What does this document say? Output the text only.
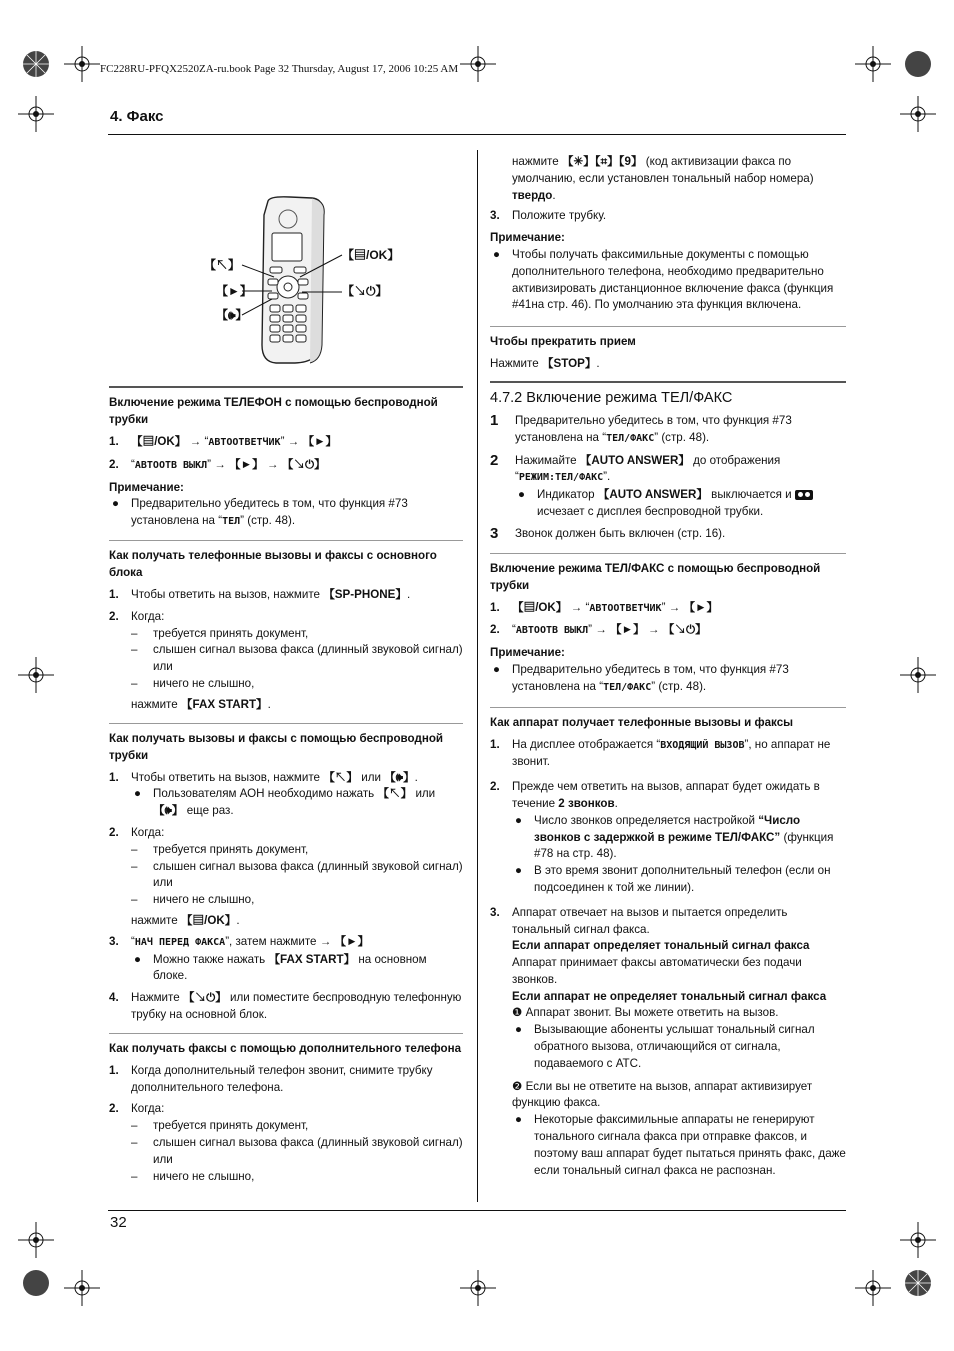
FC228RU-PFQX2520ZA-ru.book Page 32 Thursday, August 17, 2006 10:25 AM
4. Факс
32
【↖】
【▤/OK】
【►】	【↘⏻】
【🕪】
Включение режима ТЕЛЕФОН с помощью беспроводной трубки
1.	【▤/OK】 → “АВТООТВЕТЧИК” → 【►】
2.	“АВТООТВ ВЫКЛ” → 【►】 → 【↘⏻】
Примечание:
●	Предварительно убедитесь в том, что функция #73 установлена на “ТЕЛ” (стр. 48).
Как получать телефонные вызовы и факсы с основного блока
1.	Чтобы ответить на вызов, нажмите 【SP-PHONE】.
2.	Когда:
–	требуется принять документ,
–	слышен сигнал вызова факса (длинный звуковой сигнал) или
–	ничего не слышно,
нажмите 【FAX START】.
Как получать вызовы и факсы с помощью беспроводной трубки
1.	Чтобы ответить на вызов, нажмите 【↖】 или 【🕪】.
●	Пользователям АОН необходимо нажать 【↖】 или 【🕪】 еще раз.
2.	Когда:
–	требуется принять документ,
–	слышен сигнал вызова факса (длинный звуковой сигнал) или
–	ничего не слышно,
нажмите 【▤/OK】.
3.	“НАЧ ПЕРЕД ФАКСА”, затем нажмите → 【►】
●	Можно также нажать 【FAX START】 на основном блоке.
4.	Нажмите 【↘⏻】 или поместите беспроводную телефонную трубку на основной блок.
Как получать факсы с помощью дополнительного телефона
1.	Когда дополнительный телефон звонит, снимите трубку дополнительного телефона.
2.	Когда:
–	требуется принять документ,
–	слышен сигнал вызова факса (длинный звуковой сигнал) или
–	ничего не слышно,
нажмите 【✳】【⌗】【9】 (код активизации факса по умолчанию, если установлен тональный набор номера) твердо.
3.	Положите трубку.
Примечание:
●	Чтобы получать факсимильные документы с помощью дополнительного телефона, необходимо предварительно активизировать дистанционное включение факса (функция #41на стр. 46). По умолчанию эта функция включена.
Чтобы прекратить прием
Нажмите 【STOP】.
4.7.2 Включение режима ТЕЛ/ФАКС
1	Предварительно убедитесь в том, что функция #73 установлена на “ТЕЛ/ФАКС” (стр. 48).
2	Нажимайте 【AUTO ANSWER】 до отображения “РЕЖИМ:ТЕЛ/ФАКС”.
●	Индикатор 【AUTO ANSWER】 выключается и
исчезает с дисплея беспроводной трубки.
3	Звонок должен быть включен (стр. 16).
Включение режима ТЕЛ/ФАКС с помощью беспроводной трубки
1.	【▤/OK】 → “АВТООТВЕТЧИК” → 【►】
2.	“АВТООТВ ВЫКЛ” → 【►】 → 【↘⏻】
Примечание:
●	Предварительно убедитесь в том, что функция #73 установлена на “ТЕЛ/ФАКС” (стр. 48).
Как аппарат получает телефонные вызовы и факсы
1.	На дисплее отображается “ВХОДЯЩИЙ ВЫЗОВ”, но аппарат не звонит.
2.	Прежде чем ответить на вызов, аппарат будет ожидать в течение 2 звонков.
●	Число звонков определяется настройкой “Число звонков с задержкой в режиме ТЕЛ/ФАКС” (функция #78 на стр. 48).
●	В это время звонит дополнительный телефон (если он подсоединен к той же линии).
3.	Аппарат отвечает на вызов и пытается определить тональный сигнал факса.
Если аппарат определяет тональный сигнал факса
Аппарат принимает факсы автоматически без подачи звонков.
Если аппарат не определяет тональный сигнал факса
❶ Аппарат звонит. Вы можете ответить на вызов.
●	Вызывающие абоненты услышат тональный сигнал обратного вызова, отличающийся от сигнала, подаваемого с АТС.
❷ Если вы не ответите на вызов, аппарат активизирует функцию факса.
●	Некоторые факсимильные аппараты не генерируют тонального сигнала факса при отправке факсов, и поэтому ваш аппарат будет пытаться принять факс, даже если тональный сигнал факса не распознан.
